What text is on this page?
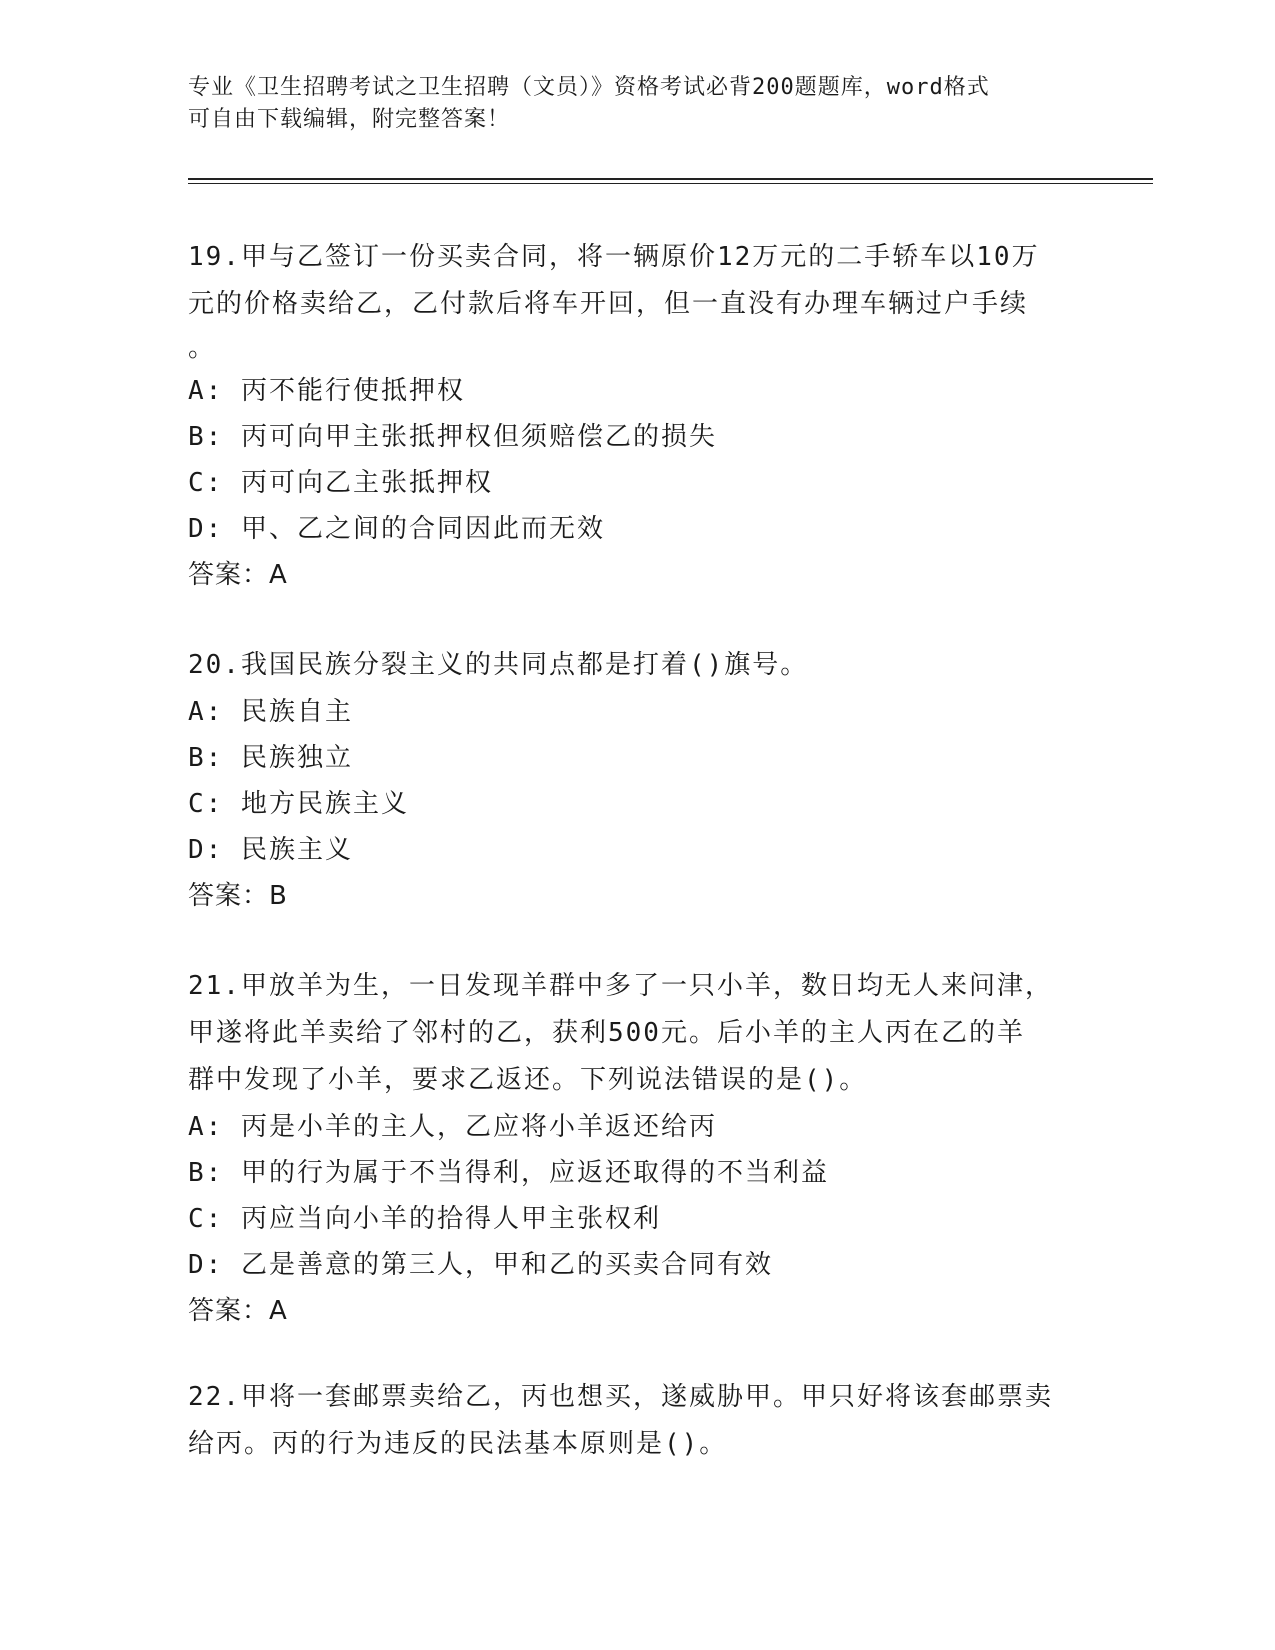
专业《卫生招聘考试之卫生招聘（文员）》资格考试必背200题题库，word格式
可自由下载编辑，附完整答案！
19.甲与乙签订一份买卖合同，将一辆原价12万元的二手轿车以10万
元的价格卖给乙，乙付款后将车开回，但一直没有办理车辆过户手续
。
A: 丙不能行使抵押权
B: 丙可向甲主张抵押权但须赔偿乙的损失
C: 丙可向乙主张抵押权
D: 甲、乙之间的合同因此而无效
答案：A
20.我国民族分裂主义的共同点都是打着()旗号。
A: 民族自主
B: 民族独立
C: 地方民族主义
D: 民族主义
答案：B
21.甲放羊为生，一日发现羊群中多了一只小羊，数日均无人来问津，
甲遂将此羊卖给了邻村的乙，获利500元。后小羊的主人丙在乙的羊
群中发现了小羊，要求乙返还。下列说法错误的是()。
A: 丙是小羊的主人，乙应将小羊返还给丙
B: 甲的行为属于不当得利，应返还取得的不当利益
C: 丙应当向小羊的拾得人甲主张权利
D: 乙是善意的第三人，甲和乙的买卖合同有效
答案：A
22.甲将一套邮票卖给乙，丙也想买，遂威胁甲。甲只好将该套邮票卖
给丙。丙的行为违反的民法基本原则是()。
